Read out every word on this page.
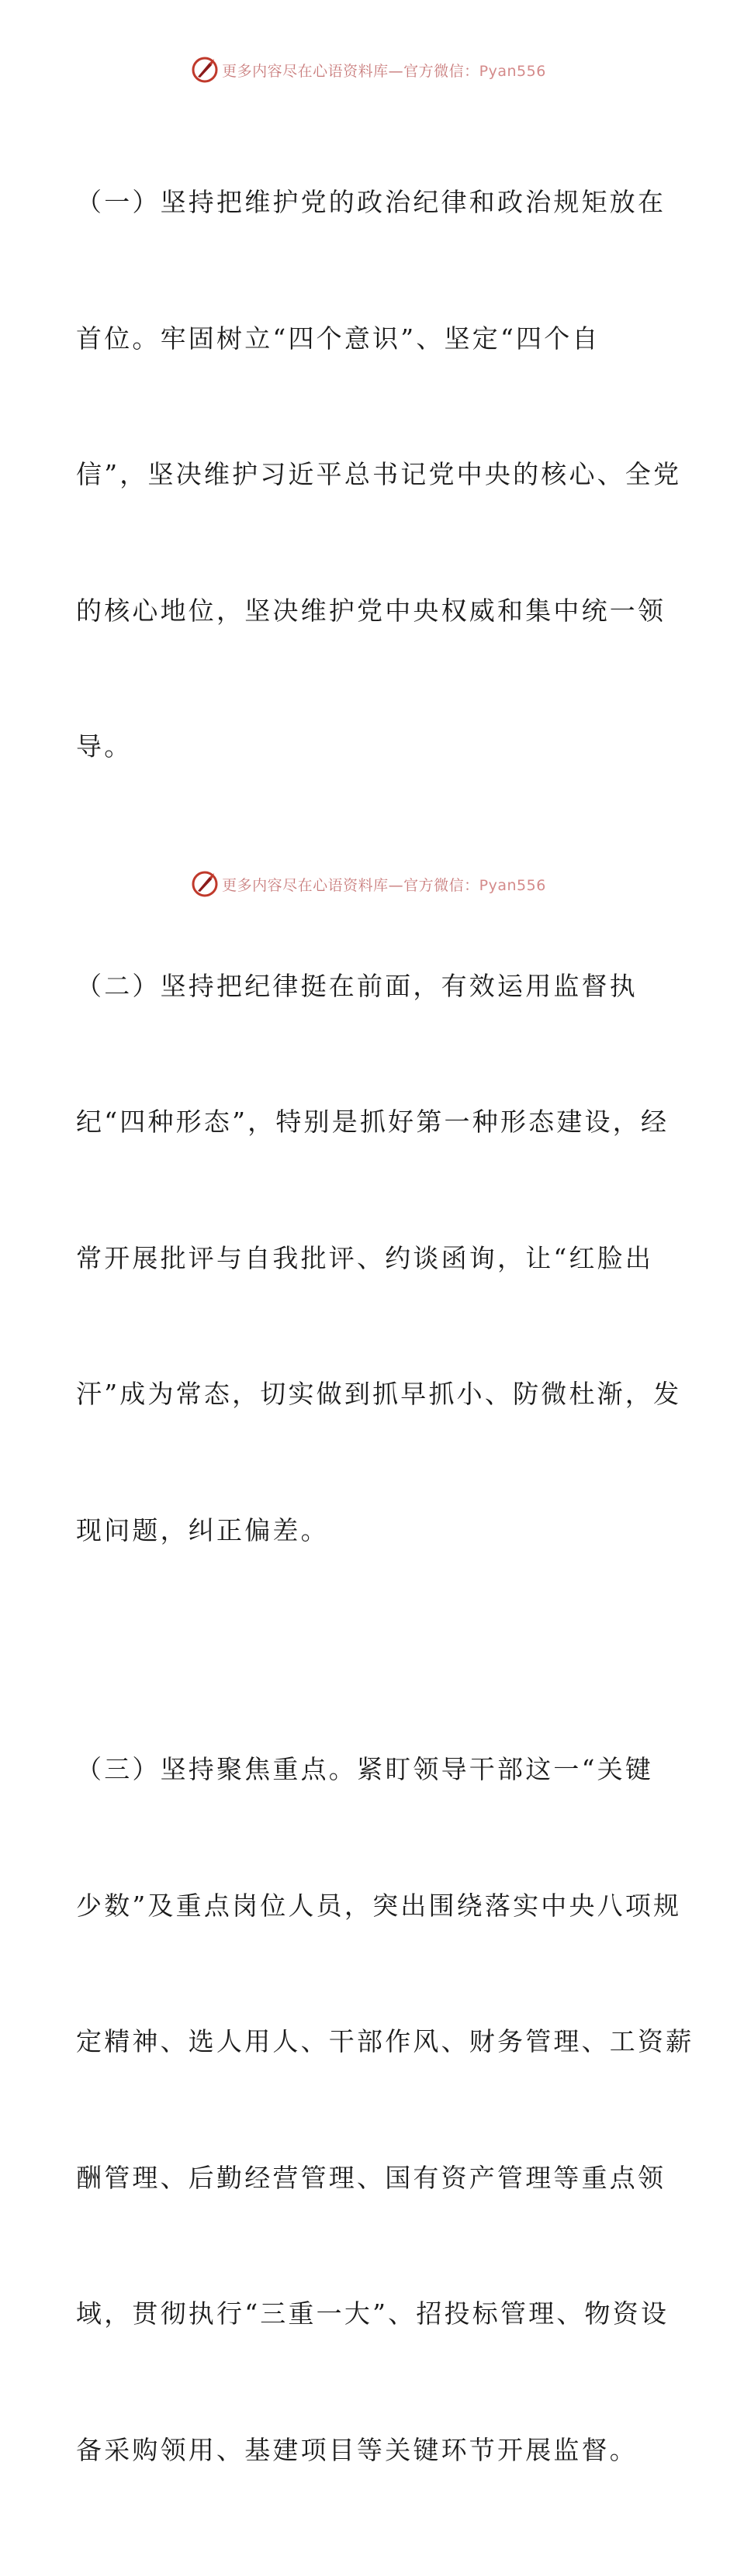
更多内容尽在心语资料库—官方微信：Pyan556

（一）坚持把维护党的政治纪律和政治规矩放在

首位。牢固树立“四个意识”、坚定“四个自

信”，坚决维护习近平总书记党中央的核心、全党

的核心地位，坚决维护党中央权威和集中统一领

导。

（二）坚持把纪律挺在前面，有效运用监督执

纪“四种形态”，特别是抓好第一种形态建设，经

常开展批评与自我批评、约谈函询，让“红脸出

汗”成为常态，切实做到抓早抓小、防微杜渐，发

现问题，纠正偏差。

（三）坚持聚焦重点。紧盯领导干部这一“关键

少数”及重点岗位人员，突出围绕落实中央八项规

定精神、选人用人、干部作风、财务管理、工资薪

酬管理、后勤经营管理、国有资产管理等重点领

域，贯彻执行“三重一大”、招投标管理、物资设

备采购领用、基建项目等关键环节开展监督。

更多内容尽在心语资料库—官方微信：Pyan556
